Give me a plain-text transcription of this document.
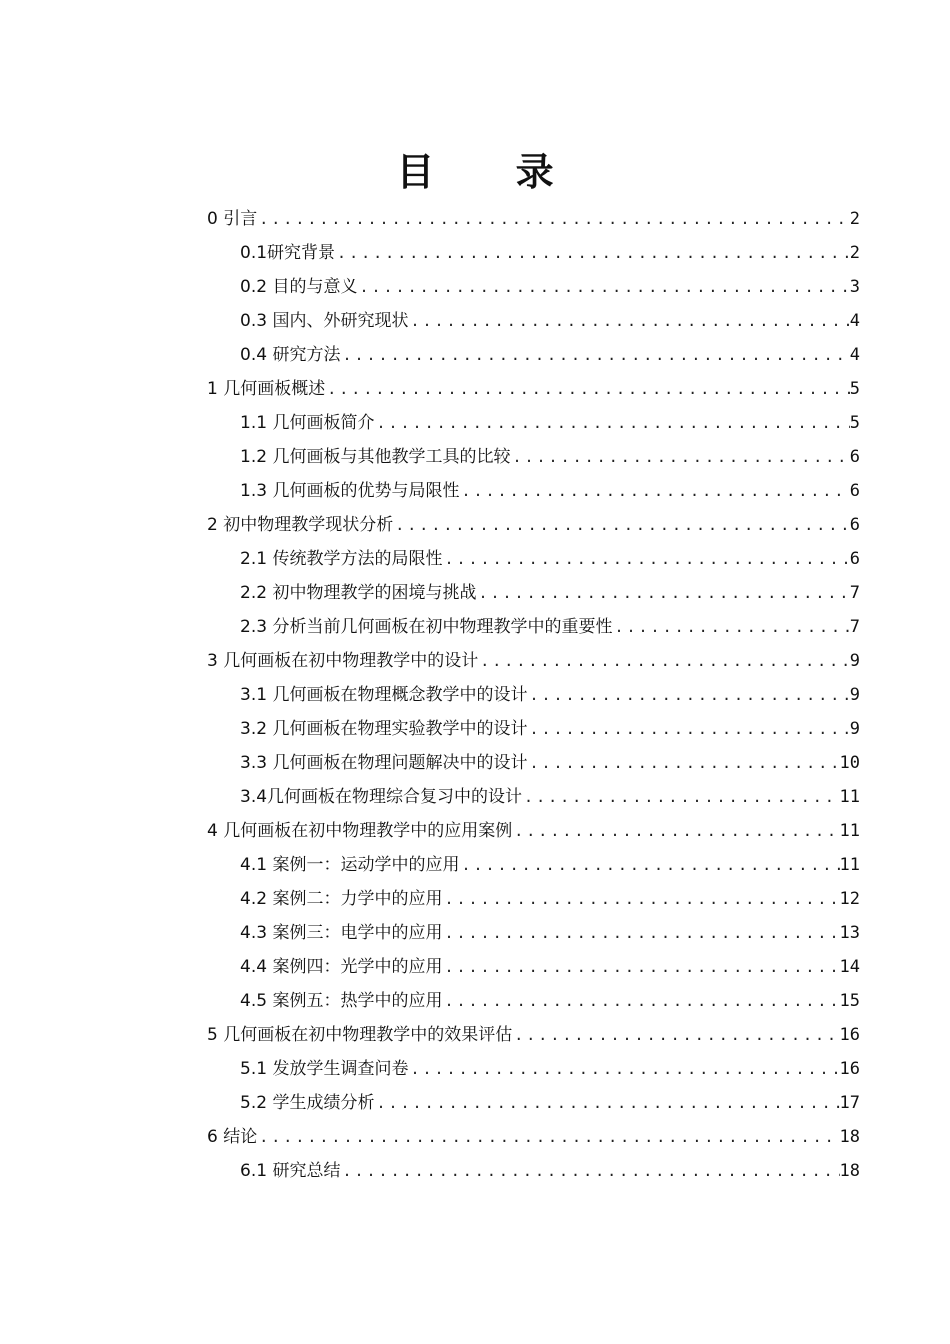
目 录
0 引言 .....	2
0.1研究背景 .....	2
0.2 目的与意义 .....	3
0.3 国内、外研究现状 .....	4
0.4 研究方法 .....	4
1 几何画板概述 .....	5
1.1 几何画板简介 .....	5
1.2 几何画板与其他教学工具的比较 .....	6
1.3 几何画板的优势与局限性 .....	6
2 初中物理教学现状分析 .....	6
2.1 传统教学方法的局限性 .....	6
2.2 初中物理教学的困境与挑战 .....	7
2.3 分析当前几何画板在初中物理教学中的重要性 .....	7
3 几何画板在初中物理教学中的设计 .....	9
3.1 几何画板在物理概念教学中的设计 .....	9
3.2 几何画板在物理实验教学中的设计 .....	9
3.3 几何画板在物理问题解决中的设计 .....	10
3.4几何画板在物理综合复习中的设计 .....	11
4 几何画板在初中物理教学中的应用案例 .....	11
4.1 案例一：运动学中的应用 .....	11
4.2 案例二：力学中的应用 .....	12
4.3 案例三：电学中的应用 .....	13
4.4 案例四：光学中的应用 .....	14
4.5 案例五：热学中的应用 .....	15
5 几何画板在初中物理教学中的效果评估 .....	16
5.1 发放学生调查问卷 .....	16
5.2 学生成绩分析 .....	17
6 结论 .....	18
6.1 研究总结 .....	18
